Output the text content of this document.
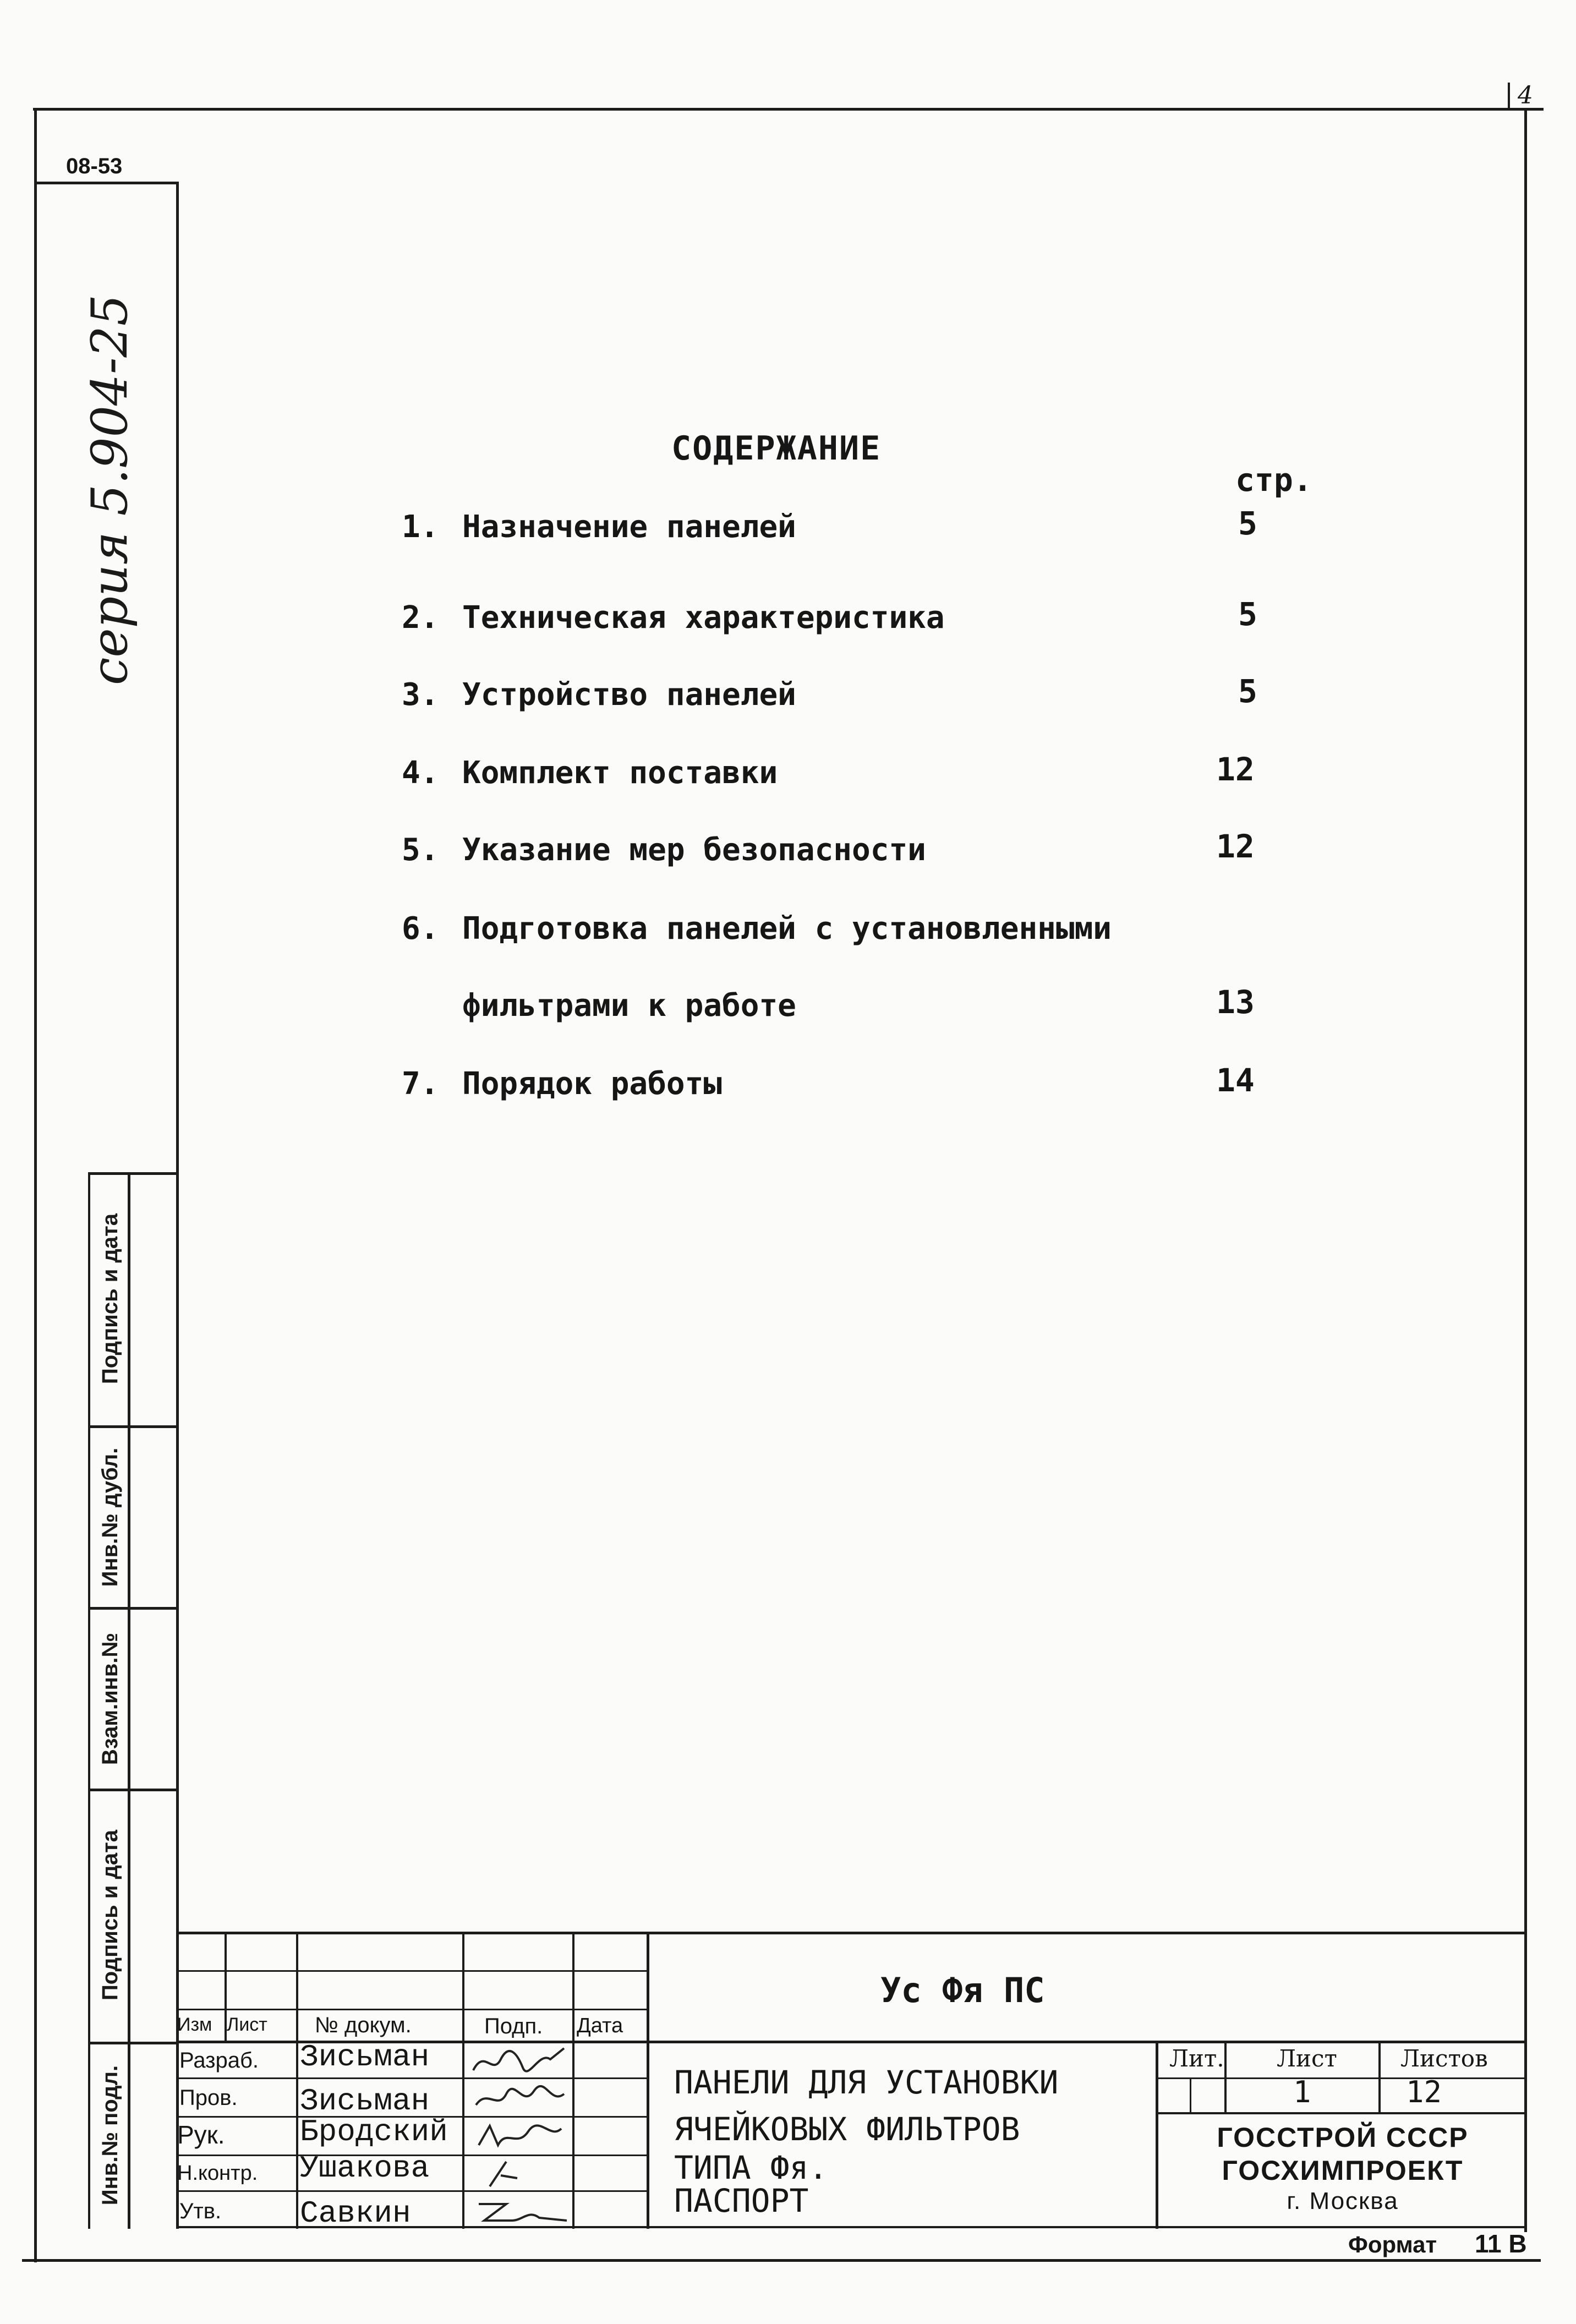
08-53
4
серия 5.904-25
Подпись и дата
Инв.№ дубл.
Взам.инв.№
Подпись и дата
Инв.№ подл.
СОДЕРЖАНИЕ
стр.
1. Назначение панелей	5
2. Техническая характеристика	5
3. Устройство панелей	5
4. Комплект поставки	12
5. Указание мер безопасности	12
6. Подготовка панелей с установленными
фильтрами к работе	13
7. Порядок работы	14
Ус Фя ПС
Изм Лист № докум.	Подп. Дата
Разраб. Зисьман
Пров. Зисьман
Рук. Бродский
Н.контр. Ушакова
Утв.	Савкин
ПАНЕЛИ ДЛЯ УСТАНОВКИ
ЯЧЕЙКОВЫХ ФИЛЬТРОВ
ТИПА Фя.
ПАСПОРТ
Лит. Лист	Листов
1	12
ГОССТРОЙ СССР
ГОСХИМПРОЕКТ
г. Москва
Формат 11 В
